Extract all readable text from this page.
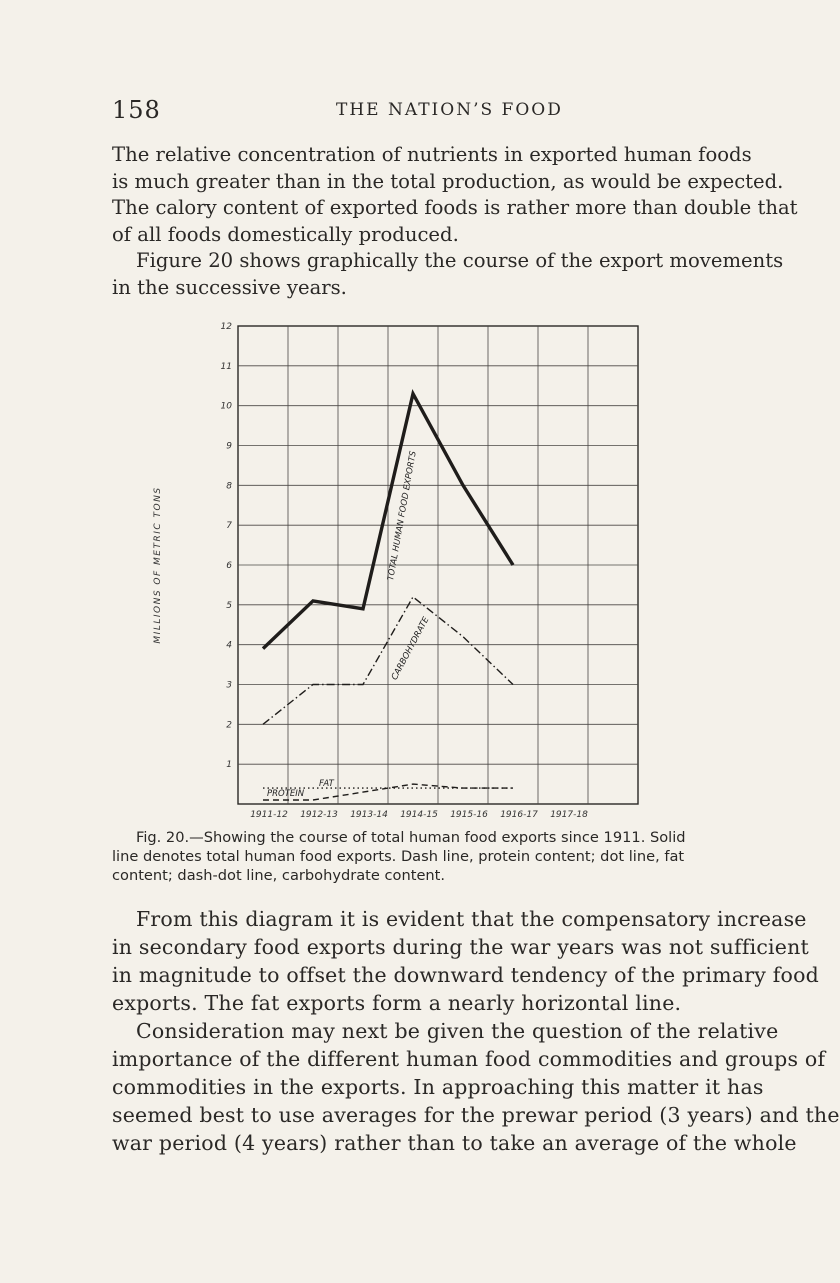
158	THE NATION’S FOOD
The relative concentration of nutrients in exported human foods
is much greater than in the total production, as would be expected.
The calory content of exported foods is rather more than double that
of all foods domestically produced.
Figure 20 shows graphically the course of the export movements
in the successive years.
1
2
3
4
5
6
7
8
9
10
11
12
1911-12 1912-13 1913-14 1914-15 1915-16 1916-17 1917-18
MILLIONS OF METRIC TONS	TOTAL HUMAN FOOD EXPORTS
CARBOHYDRATE
PROTEIN
FAT
Fig. 20.—Showing the course of total human food exports since 1911. Solid
line denotes total human food exports. Dash line, protein content; dot line, fat
content; dash-dot line, carbohydrate content.
From this diagram it is evident that the compensatory increase
in secondary food exports during the war years was not sufficient
in magnitude to offset the downward tendency of the primary food
exports. The fat exports form a nearly horizontal line.
Consideration may next be given the question of the relative
importance of the different human food commodities and groups of
commodities in the exports. In approaching this matter it has
seemed best to use averages for the prewar period (3 years) and the
war period (4 years) rather than to take an average of the whole
